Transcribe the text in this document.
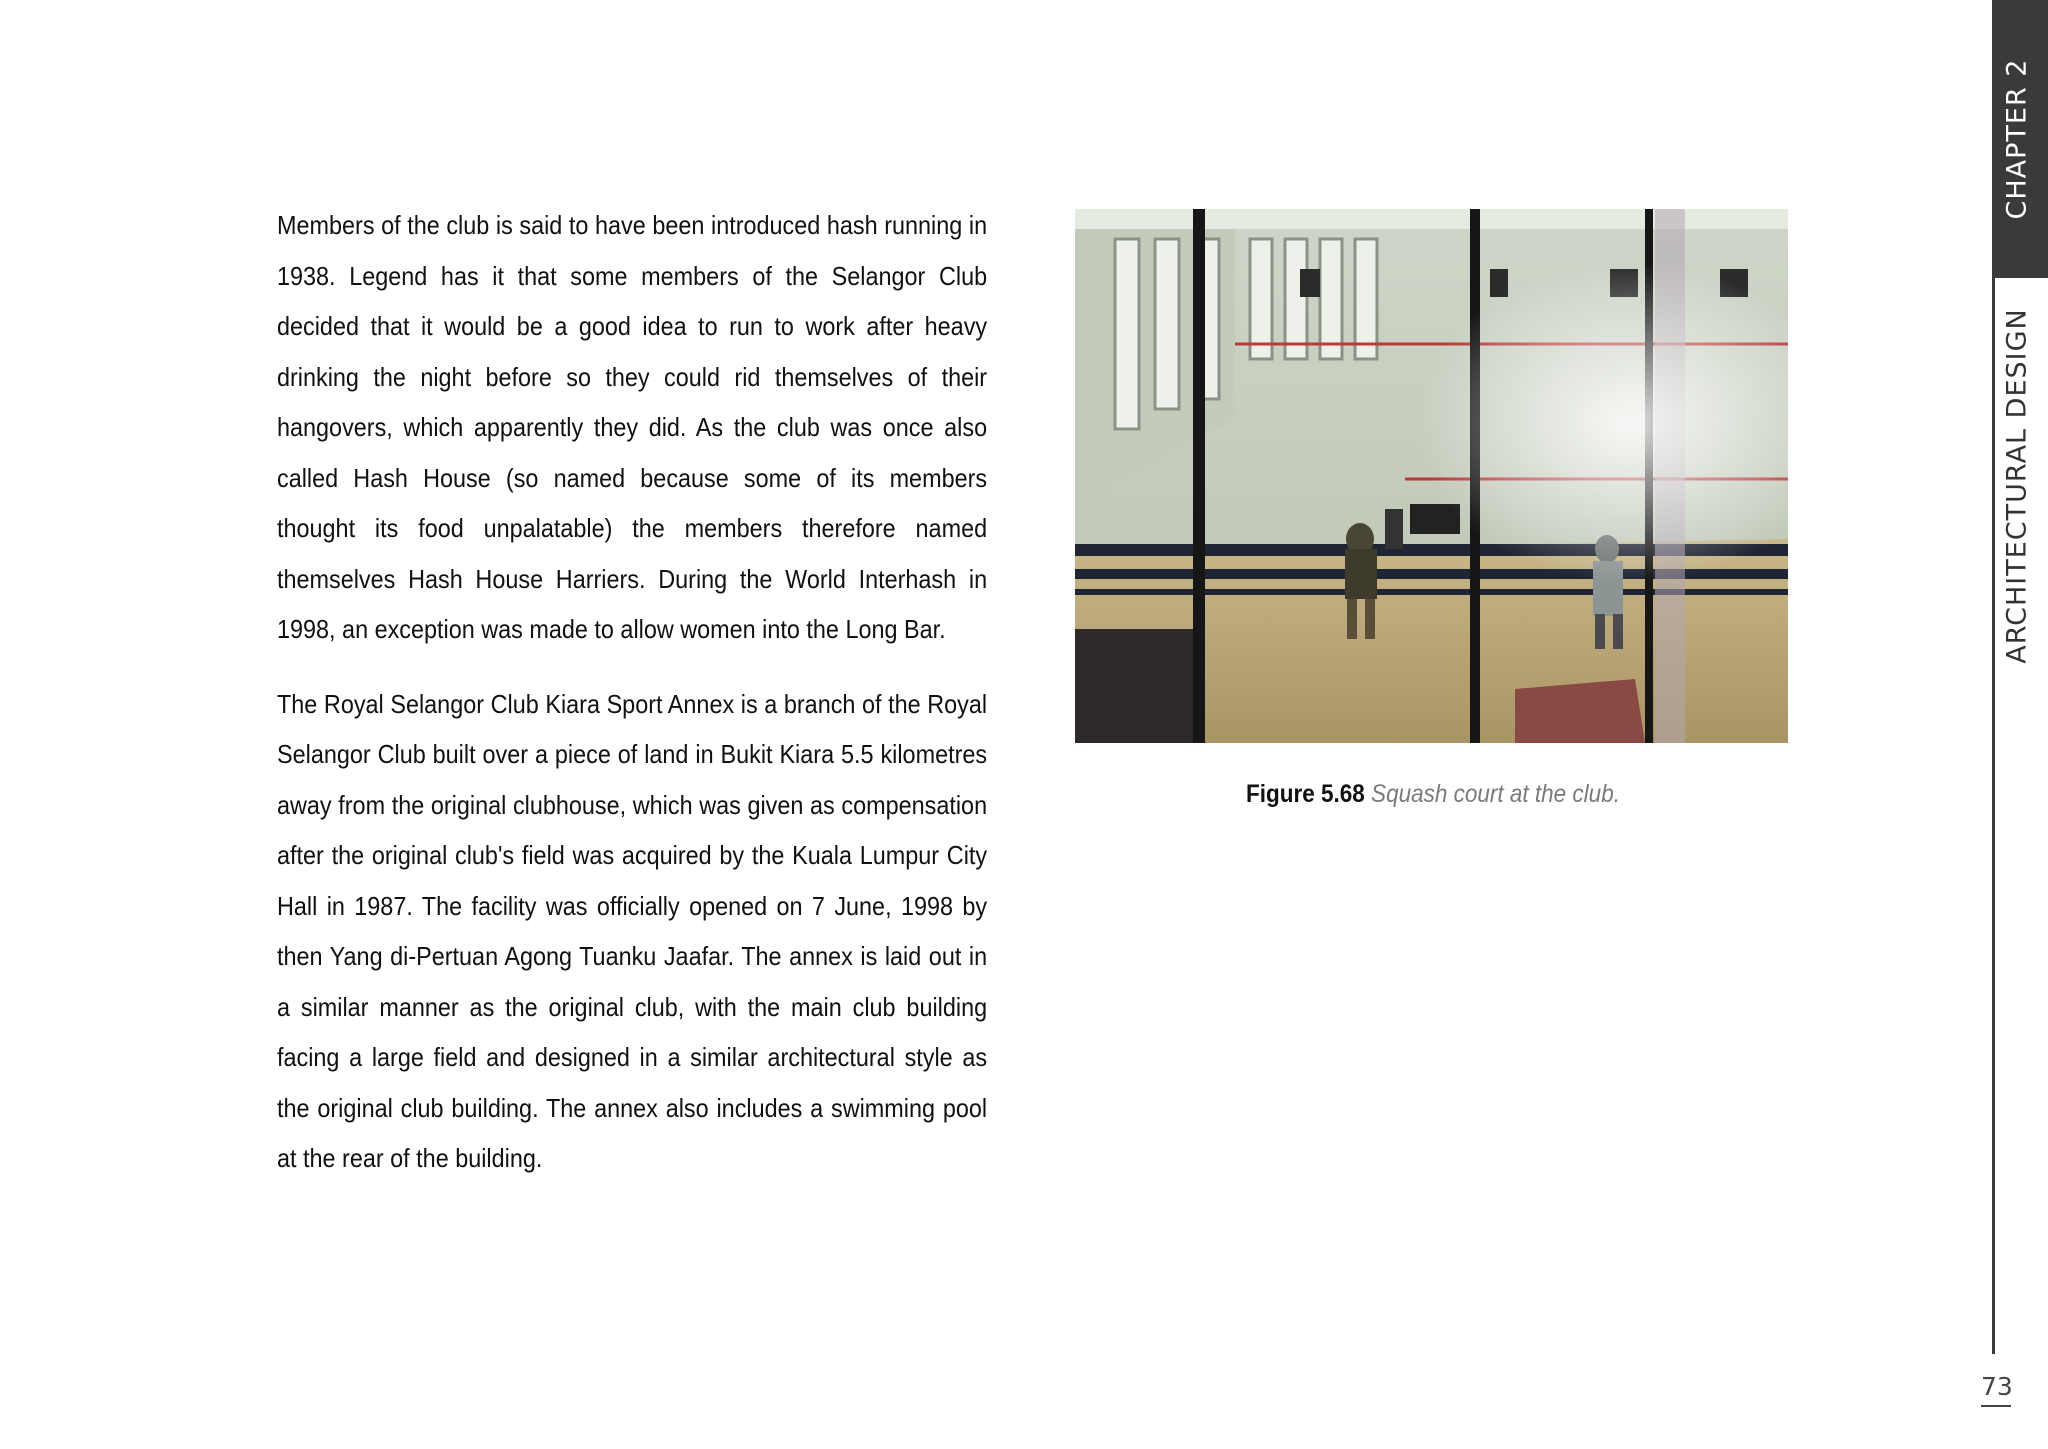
Members of the club is said to have been introduced hash running in 1938. Legend has it that some members of the Selangor Club decided that it would be a good idea to run to work after heavy drinking the night before so they could rid themselves of their hangovers, which apparently they did. As the club was once also called Hash House (so named because some of its members thought its food unpalatable) the members therefore named themselves Hash House Harriers. During the World Interhash in 1998, an exception was made to allow women into the Long Bar.

The Royal Selangor Club Kiara Sport Annex is a branch of the Royal Selangor Club built over a piece of land in Bukit Kiara 5.5 kilometres away from the original clubhouse, which was given as compensation after the original club's field was acquired by the Kuala Lumpur City Hall in 1987. The facility was officially opened on 7 June, 1998 by then Yang di-Pertuan Agong Tuanku Jaafar. The annex is laid out in a similar manner as the original club, with the main club building facing a large field and designed in a similar architectural style as the original club building. The annex also includes a swimming pool at the rear of the building.

Figure 5.68 Squash court at the club.
CHAPTER 2
ARCHITECTURAL DESIGN
73
